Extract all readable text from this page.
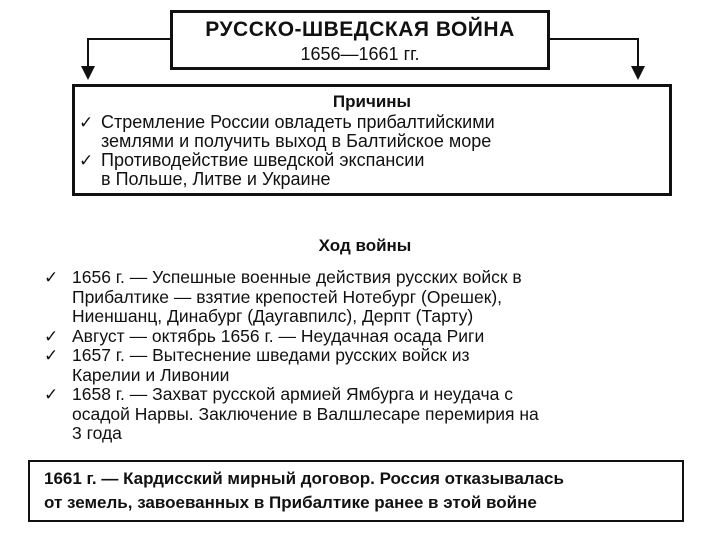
РУССКО-ШВЕДСКАЯ ВОЙНА
1656—1661 гг.
Причины
✓ Стремление России овладеть прибалтийскими
землями и получить выход в Балтийское море
✓ Противодействие шведской экспансии
в Польше, Литве и Украине
Ход войны
✓ 1656 г. — Успешные военные действия русских войск в
Прибалтике — взятие крепостей Нотебург (Орешек),
Ниеншанц, Динабург (Даугавпилс), Дерпт (Тарту)
✓ Август — октябрь 1656 г. — Неудачная осада Риги
✓ 1657 г. — Вытеснение шведами русских войск из
Карелии и Ливонии
✓ 1658 г. — Захват русской армией Ямбурга и неудача с
осадой Нарвы. Заключение в Валшлесаре перемирия на
3 года
1661 г. — Кардисский мирный договор. Россия отказывалась
от земель, завоеванных в Прибалтике ранее в этой войне
